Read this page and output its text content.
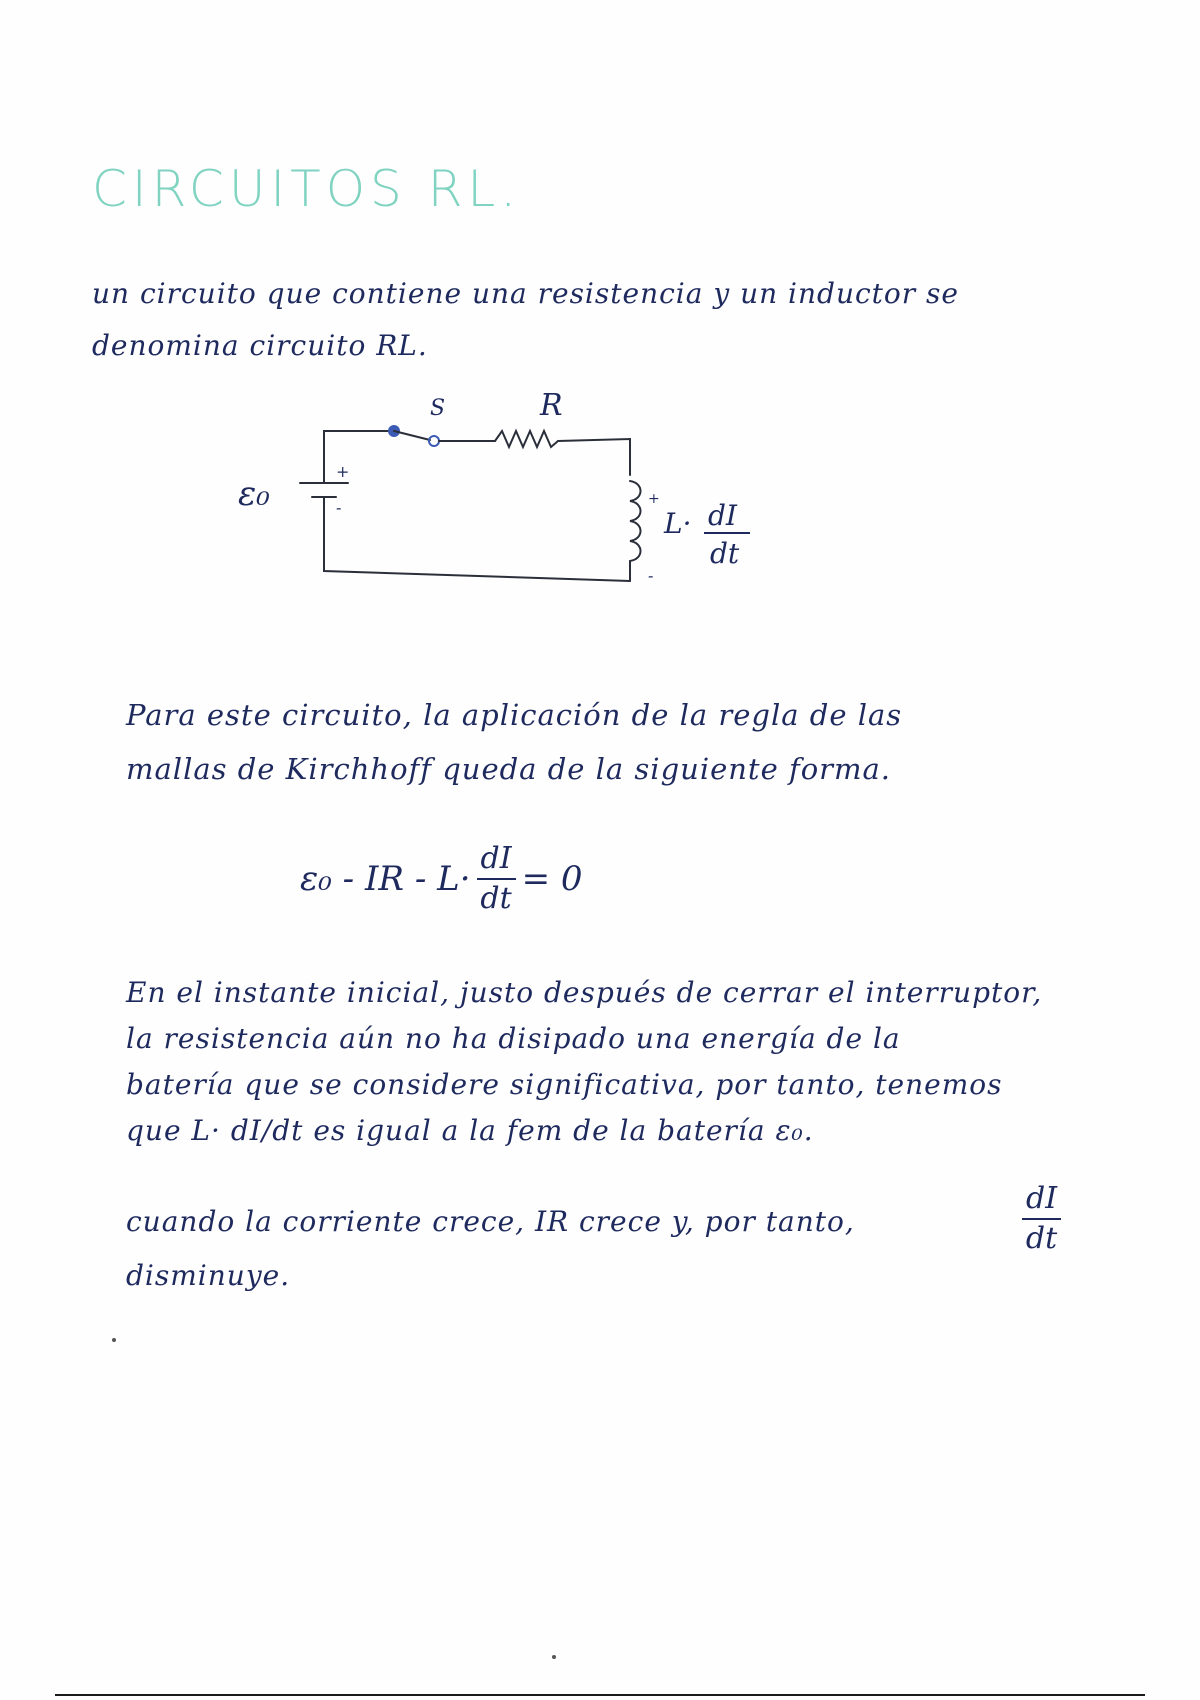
CIRCUITOS RL.

un circuito que contiene una resistencia y un inductor se
denomina circuito RL.

ε₀
+
-
S	R
+
-
L· dI
dt

Para este circuito, la aplicación de la regla de las
mallas de Kirchhoff queda de la siguiente forma.

ε₀ - IR - $L\cdot \frac{dI}{dt} = 0$

En el instante inicial, justo después de cerrar el interruptor,
la resistencia aún no ha disipado una energía de la
batería que se considere significativa, por tanto, tenemos
que L· dI/dt es igual a la fem de la batería ε₀.

cuando la corriente crece, IR crece y, por tanto,
disminuye.

$\frac{dI}{dt}$
